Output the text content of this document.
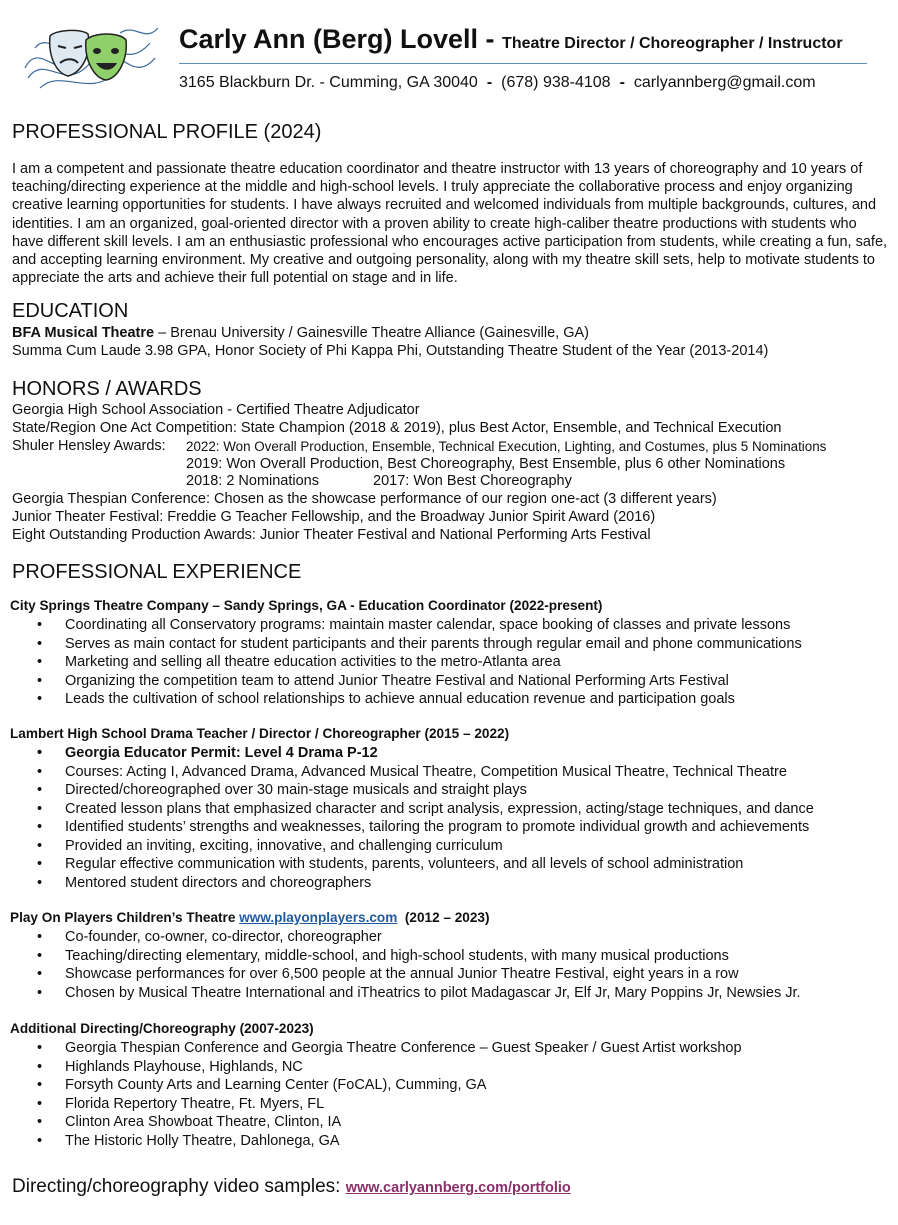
Carly Ann (Berg) Lovell - Theatre Director / Choreographer / Instructor
3165 Blackburn Dr. - Cumming, GA 30040 - (678) 938-4108 - carlyannberg@gmail.com
PROFESSIONAL PROFILE (2024)
I am a competent and passionate theatre education coordinator and theatre instructor with 13 years of choreography and 10 years of teaching/directing experience at the middle and high-school levels. I truly appreciate the collaborative process and enjoy organizing creative learning opportunities for students. I have always recruited and welcomed individuals from multiple backgrounds, cultures, and identities. I am an organized, goal-oriented director with a proven ability to create high-caliber theatre productions with students who have different skill levels. I am an enthusiastic professional who encourages active participation from students, while creating a fun, safe, and accepting learning environment. My creative and outgoing personality, along with my theatre skill sets, help to motivate students to appreciate the arts and achieve their full potential on stage and in life.
EDUCATION
BFA Musical Theatre – Brenau University / Gainesville Theatre Alliance (Gainesville, GA)
Summa Cum Laude 3.98 GPA, Honor Society of Phi Kappa Phi, Outstanding Theatre Student of the Year (2013-2014)
HONORS / AWARDS
Georgia High School Association - Certified Theatre Adjudicator
State/Region One Act Competition: State Champion (2018 & 2019), plus Best Actor, Ensemble, and Technical Execution
Shuler Hensley Awards: 2022: Won Overall Production, Ensemble, Technical Execution, Lighting, and Costumes, plus 5 Nominations
2019: Won Overall Production, Best Choreography, Best Ensemble, plus 6 other Nominations
2018: 2 Nominations	2017: Won Best Choreography
Georgia Thespian Conference: Chosen as the showcase performance of our region one-act (3 different years)
Junior Theater Festival: Freddie G Teacher Fellowship, and the Broadway Junior Spirit Award (2016)
Eight Outstanding Production Awards: Junior Theater Festival and National Performing Arts Festival
PROFESSIONAL EXPERIENCE
City Springs Theatre Company – Sandy Springs, GA - Education Coordinator (2022-present)
• Coordinating all Conservatory programs: maintain master calendar, space booking of classes and private lessons
• Serves as main contact for student participants and their parents through regular email and phone communications
• Marketing and selling all theatre education activities to the metro-Atlanta area
• Organizing the competition team to attend Junior Theatre Festival and National Performing Arts Festival
• Leads the cultivation of school relationships to achieve annual education revenue and participation goals
Lambert High School Drama Teacher / Director / Choreographer (2015 – 2022)
• Georgia Educator Permit: Level 4 Drama P-12
• Courses: Acting I, Advanced Drama, Advanced Musical Theatre, Competition Musical Theatre, Technical Theatre
• Directed/choreographed over 30 main-stage musicals and straight plays
• Created lesson plans that emphasized character and script analysis, expression, acting/stage techniques, and dance
• Identified students’ strengths and weaknesses, tailoring the program to promote individual growth and achievements
• Provided an inviting, exciting, innovative, and challenging curriculum
• Regular effective communication with students, parents, volunteers, and all levels of school administration
• Mentored student directors and choreographers
Play On Players Children’s Theatre www.playonplayers.com  (2012 – 2023)
• Co-founder, co-owner, co-director, choreographer
• Teaching/directing elementary, middle-school, and high-school students, with many musical productions
• Showcase performances for over 6,500 people at the annual Junior Theatre Festival, eight years in a row
• Chosen by Musical Theatre International and iTheatrics to pilot Madagascar Jr, Elf Jr, Mary Poppins Jr, Newsies Jr.
Additional Directing/Choreography (2007-2023)
• Georgia Thespian Conference and Georgia Theatre Conference – Guest Speaker / Guest Artist workshop
• Highlands Playhouse, Highlands, NC
• Forsyth County Arts and Learning Center (FoCAL), Cumming, GA
• Florida Repertory Theatre, Ft. Myers, FL
• Clinton Area Showboat Theatre, Clinton, IA
• The Historic Holly Theatre, Dahlonega, GA
Directing/choreography video samples: www.carlyannberg.com/portfolio
